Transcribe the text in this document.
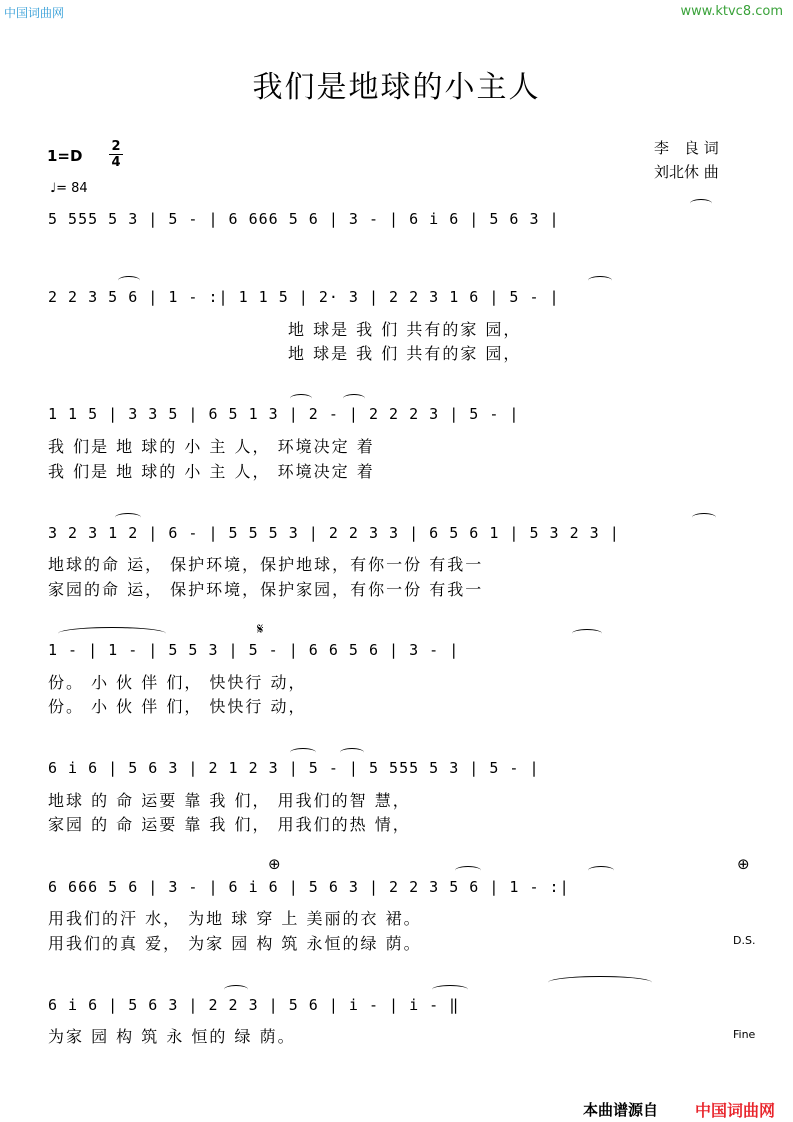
中国词曲网	www.ktvc8.com
我们是地球的小主人
李　良 词
刘北休 曲
1=D
2
4
♩= 84
5 555 5 3 | 5 - | 6 666 5 6 | 3 - | 6 i 6 | 5 6 3 |
2 2 3 5 6 | 1 - :| 1 1 5 | 2· 3 | 2 2 3 1 6 | 5 - |
地 球是 我 们 共有的家 园，
地 球是 我 们 共有的家 园，
1 1 5 | 3 3 5 | 6 5 1 3 | 2 - | 2 2 2 3 | 5 - |
我 们是 地 球的 小 主 人， 环境决定 着
我 们是 地 球的 小 主 人， 环境决定 着
3 2 3 1 2 | 6 - | 5 5 5 3 | 2 2 3 3 | 6 5 6 1 | 5 3 2 3 |
地球的命 运， 保护环境，保护地球，有你一份 有我一
家园的命 运， 保护环境，保护家园，有你一份 有我一
𝄋
1 - | 1 - | 5 5 3 | 5 - | 6 6 5 6 | 3 - |
份。 小 伙 伴 们， 快快行 动，
份。 小 伙 伴 们， 快快行 动，
6 i 6 | 5 6 3 | 2 1 2 3 | 5 - | 5 555 5 3 | 5 - |
地球 的 命 运要 靠 我 们， 用我们的智 慧，
家园 的 命 运要 靠 我 们， 用我们的热 情，
⊕	⊕
6 666 5 6 | 3 - | 6 i 6 | 5 6 3 | 2 2 3 5 6 | 1 - :|
用我们的汗 水， 为地 球 穿 上 美丽的衣 裙。
用我们的真 爱， 为家 园 构 筑 永恒的绿 荫。	D.S.
6 i 6 | 5 6 3 | 2 2 3 | 5 6 | i - | i - ‖
为家 园 构 筑 永 恒的 绿 荫。	Fine
本曲谱源自 中国词曲网
